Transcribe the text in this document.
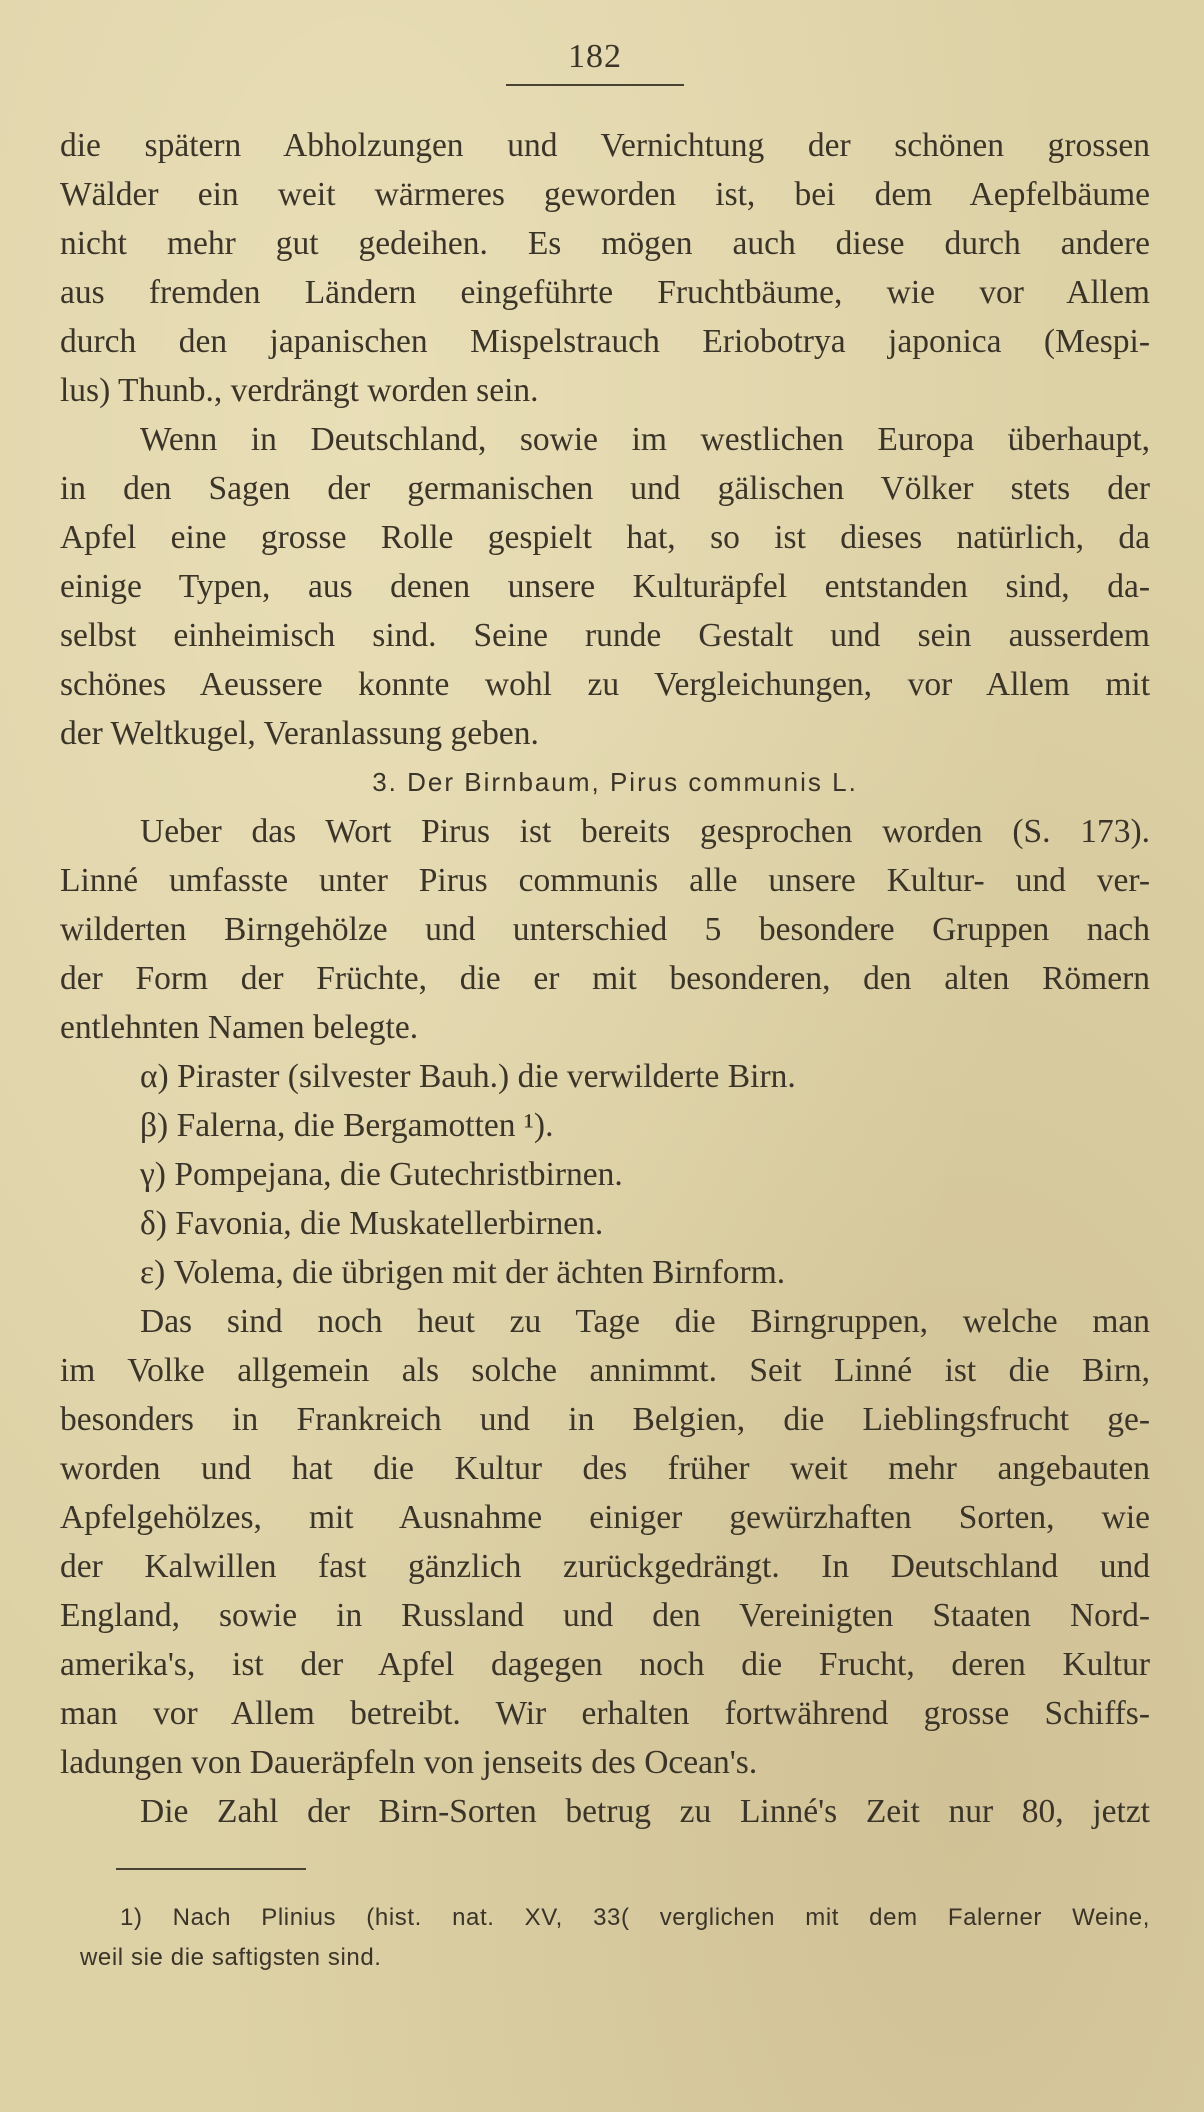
182
die spätern Abholzungen und Vernichtung der schönen grossen
Wälder ein weit wärmeres geworden ist, bei dem Aepfelbäume
nicht mehr gut gedeihen. Es mögen auch diese durch andere
aus fremden Ländern eingeführte Fruchtbäume, wie vor Allem
durch den japanischen Mispelstrauch Eriobotrya japonica (Mespi-
lus) Thunb., verdrängt worden sein.
Wenn in Deutschland, sowie im westlichen Europa überhaupt,
in den Sagen der germanischen und gälischen Völker stets der
Apfel eine grosse Rolle gespielt hat, so ist dieses natürlich, da
einige Typen, aus denen unsere Kulturäpfel entstanden sind, da-
selbst einheimisch sind. Seine runde Gestalt und sein ausserdem
schönes Aeussere konnte wohl zu Vergleichungen, vor Allem mit
der Weltkugel, Veranlassung geben.
3. Der Birnbaum, Pirus communis L.
Ueber das Wort Pirus ist bereits gesprochen worden (S. 173).
Linné umfasste unter Pirus communis alle unsere Kultur- und ver-
wilderten Birngehölze und unterschied 5 besondere Gruppen nach
der Form der Früchte, die er mit besonderen, den alten Römern
entlehnten Namen belegte.
α) Piraster (silvester Bauh.) die verwilderte Birn.
β) Falerna, die Bergamotten ¹).
γ) Pompejana, die Gutechristbirnen.
δ) Favonia, die Muskatellerbirnen.
ε) Volema, die übrigen mit der ächten Birnform.
Das sind noch heut zu Tage die Birngruppen, welche man
im Volke allgemein als solche annimmt. Seit Linné ist die Birn,
besonders in Frankreich und in Belgien, die Lieblingsfrucht ge-
worden und hat die Kultur des früher weit mehr angebauten
Apfelgehölzes, mit Ausnahme einiger gewürzhaften Sorten, wie
der Kalwillen fast gänzlich zurückgedrängt. In Deutschland und
England, sowie in Russland und den Vereinigten Staaten Nord-
amerika's, ist der Apfel dagegen noch die Frucht, deren Kultur
man vor Allem betreibt. Wir erhalten fortwährend grosse Schiffs-
ladungen von Daueräpfeln von jenseits des Ocean's.
Die Zahl der Birn-Sorten betrug zu Linné's Zeit nur 80, jetzt
1) Nach Plinius (hist. nat. XV, 33( verglichen mit dem Falerner Weine,
weil sie die saftigsten sind.
